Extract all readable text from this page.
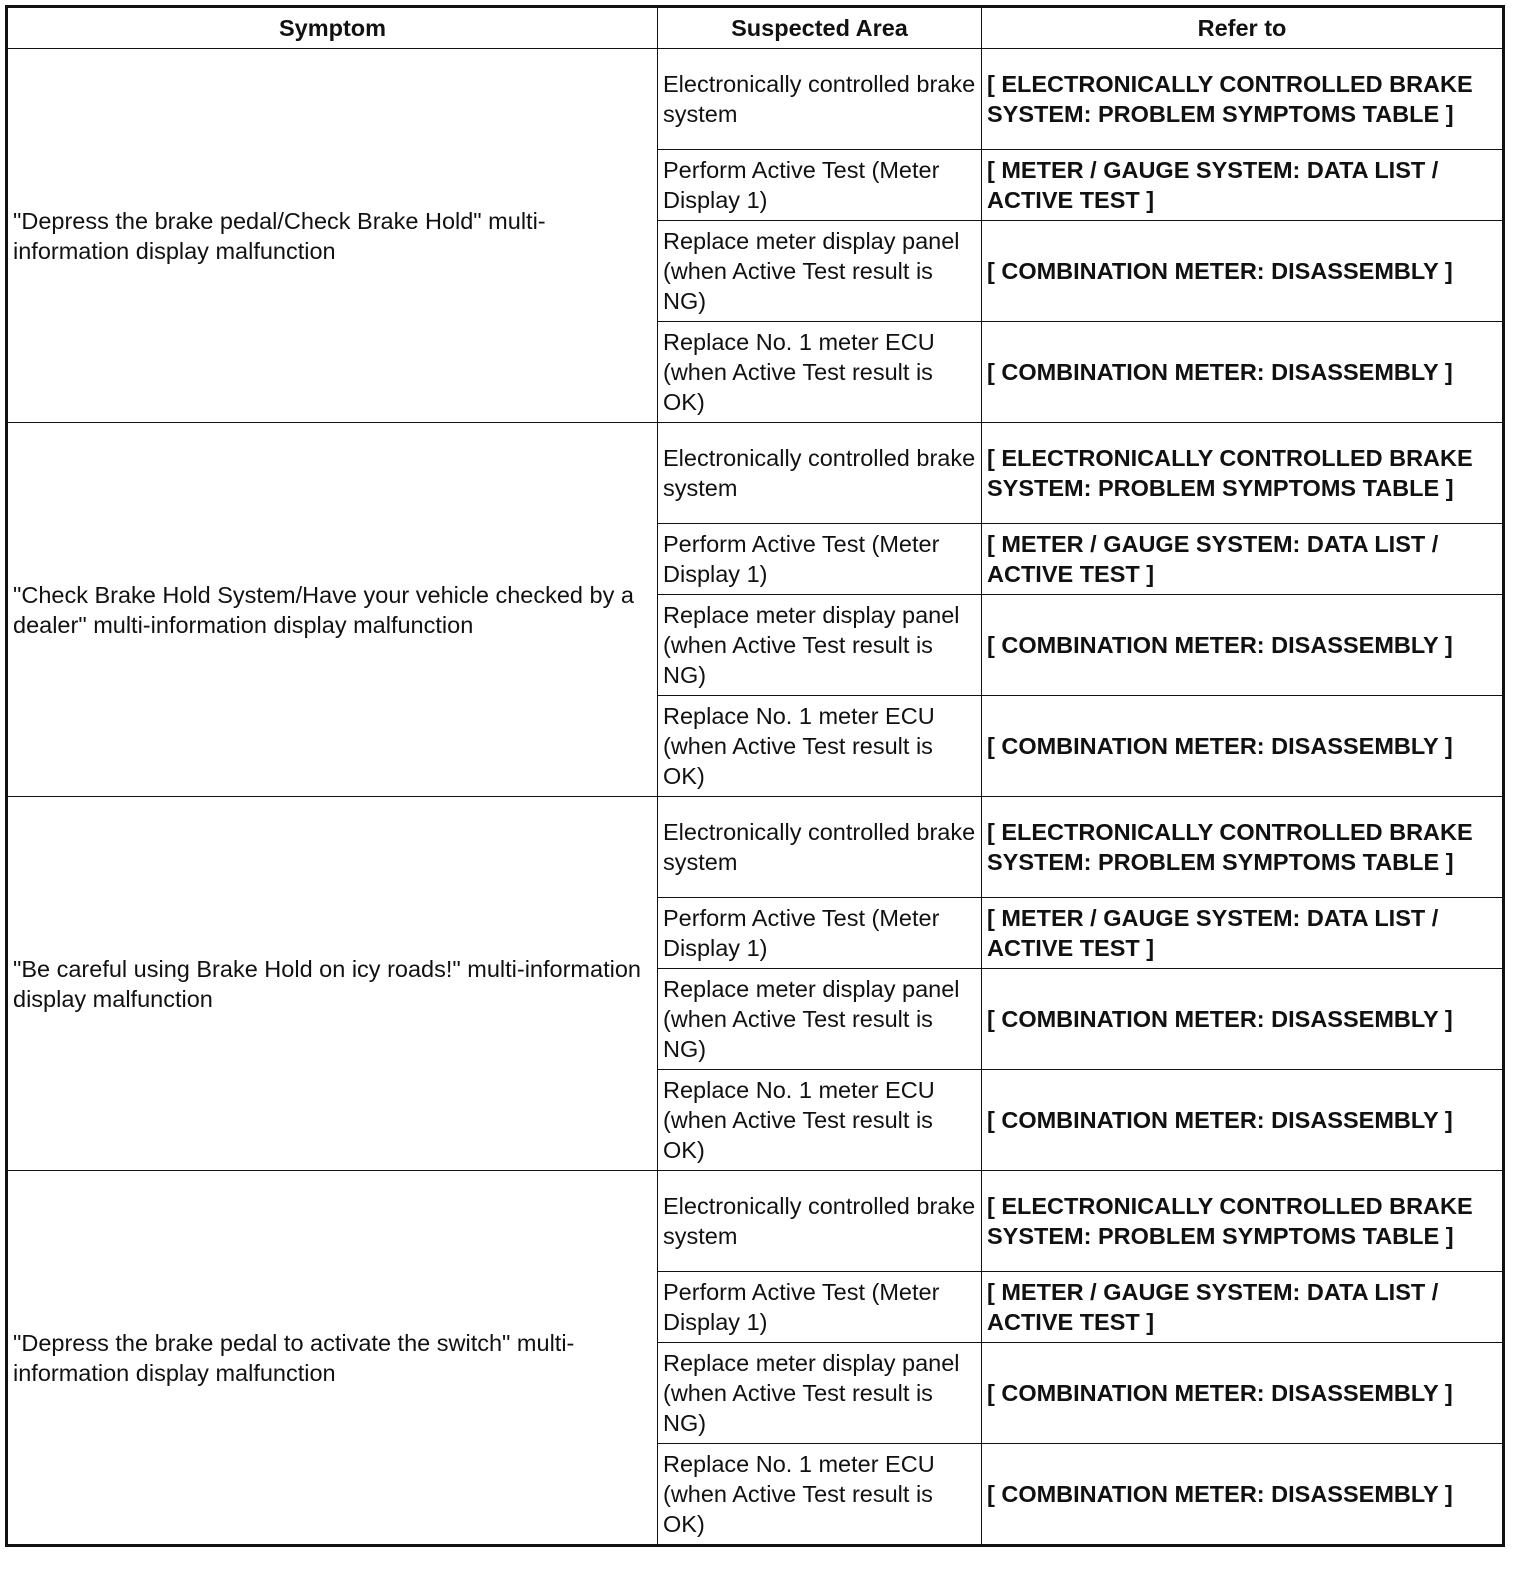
Symptom	Suspected Area	Refer to
"Depress the brake pedal/Check Brake Hold" multi-information display malfunction	Electronically controlled brake system	[ ELECTRONICALLY CONTROLLED BRAKE SYSTEM: PROBLEM SYMPTOMS TABLE ]
	Perform Active Test (Meter Display 1)	[ METER / GAUGE SYSTEM: DATA LIST / ACTIVE TEST ]
	Replace meter display panel (when Active Test result is NG)	[ COMBINATION METER: DISASSEMBLY ]
	Replace No. 1 meter ECU (when Active Test result is OK)	[ COMBINATION METER: DISASSEMBLY ]
"Check Brake Hold System/Have your vehicle checked by a dealer" multi-information display malfunction	Electronically controlled brake system	[ ELECTRONICALLY CONTROLLED BRAKE SYSTEM: PROBLEM SYMPTOMS TABLE ]
	Perform Active Test (Meter Display 1)	[ METER / GAUGE SYSTEM: DATA LIST / ACTIVE TEST ]
	Replace meter display panel (when Active Test result is NG)	[ COMBINATION METER: DISASSEMBLY ]
	Replace No. 1 meter ECU (when Active Test result is OK)	[ COMBINATION METER: DISASSEMBLY ]
"Be careful using Brake Hold on icy roads!" multi-information display malfunction	Electronically controlled brake system	[ ELECTRONICALLY CONTROLLED BRAKE SYSTEM: PROBLEM SYMPTOMS TABLE ]
	Perform Active Test (Meter Display 1)	[ METER / GAUGE SYSTEM: DATA LIST / ACTIVE TEST ]
	Replace meter display panel (when Active Test result is NG)	[ COMBINATION METER: DISASSEMBLY ]
	Replace No. 1 meter ECU (when Active Test result is OK)	[ COMBINATION METER: DISASSEMBLY ]
"Depress the brake pedal to activate the switch" multi-information display malfunction	Electronically controlled brake system	[ ELECTRONICALLY CONTROLLED BRAKE SYSTEM: PROBLEM SYMPTOMS TABLE ]
	Perform Active Test (Meter Display 1)	[ METER / GAUGE SYSTEM: DATA LIST / ACTIVE TEST ]
	Replace meter display panel (when Active Test result is NG)	[ COMBINATION METER: DISASSEMBLY ]
	Replace No. 1 meter ECU (when Active Test result is OK)	[ COMBINATION METER: DISASSEMBLY ]
